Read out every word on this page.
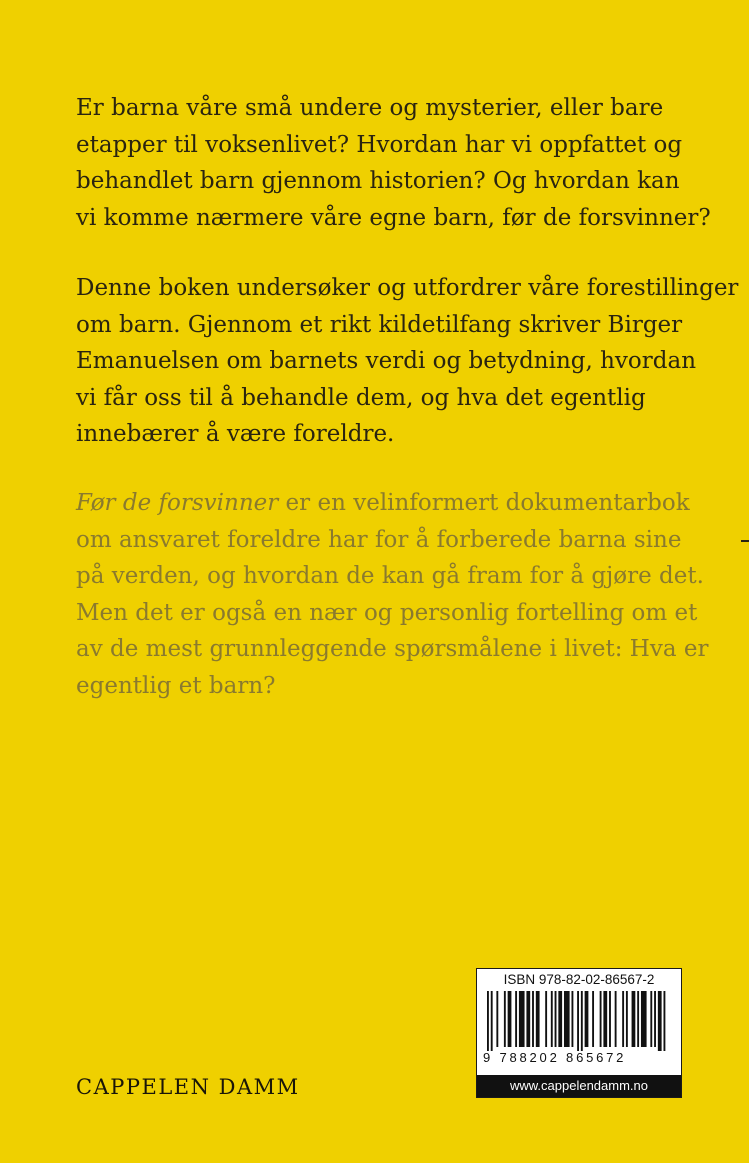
Er barna våre små undere og mysterier, eller bare
etapper til voksenlivet? Hvordan har vi oppfattet og
behandlet barn gjennom historien? Og hvordan kan
vi komme nærmere våre egne barn, før de forsvinner?

Denne boken undersøker og utfordrer våre forestillinger
om barn. Gjennom et rikt kildetilfang skriver Birger
Emanuelsen om barnets verdi og betydning, hvordan
vi får oss til å behandle dem, og hva det egentlig
innebærer å være foreldre.

Før de forsvinner er en velinformert dokumentarbok
om ansvaret foreldre har for å forberede barna sine
på verden, og hvordan de kan gå fram for å gjøre det.
Men det er også en nær og personlig fortelling om et
av de mest grunnleggende spørsmålene i livet: Hva er
egentlig et barn?

CAPPELEN DAMM
ISBN 978-82-02-86567-2
9 788202 865672
www.cappelendamm.no
